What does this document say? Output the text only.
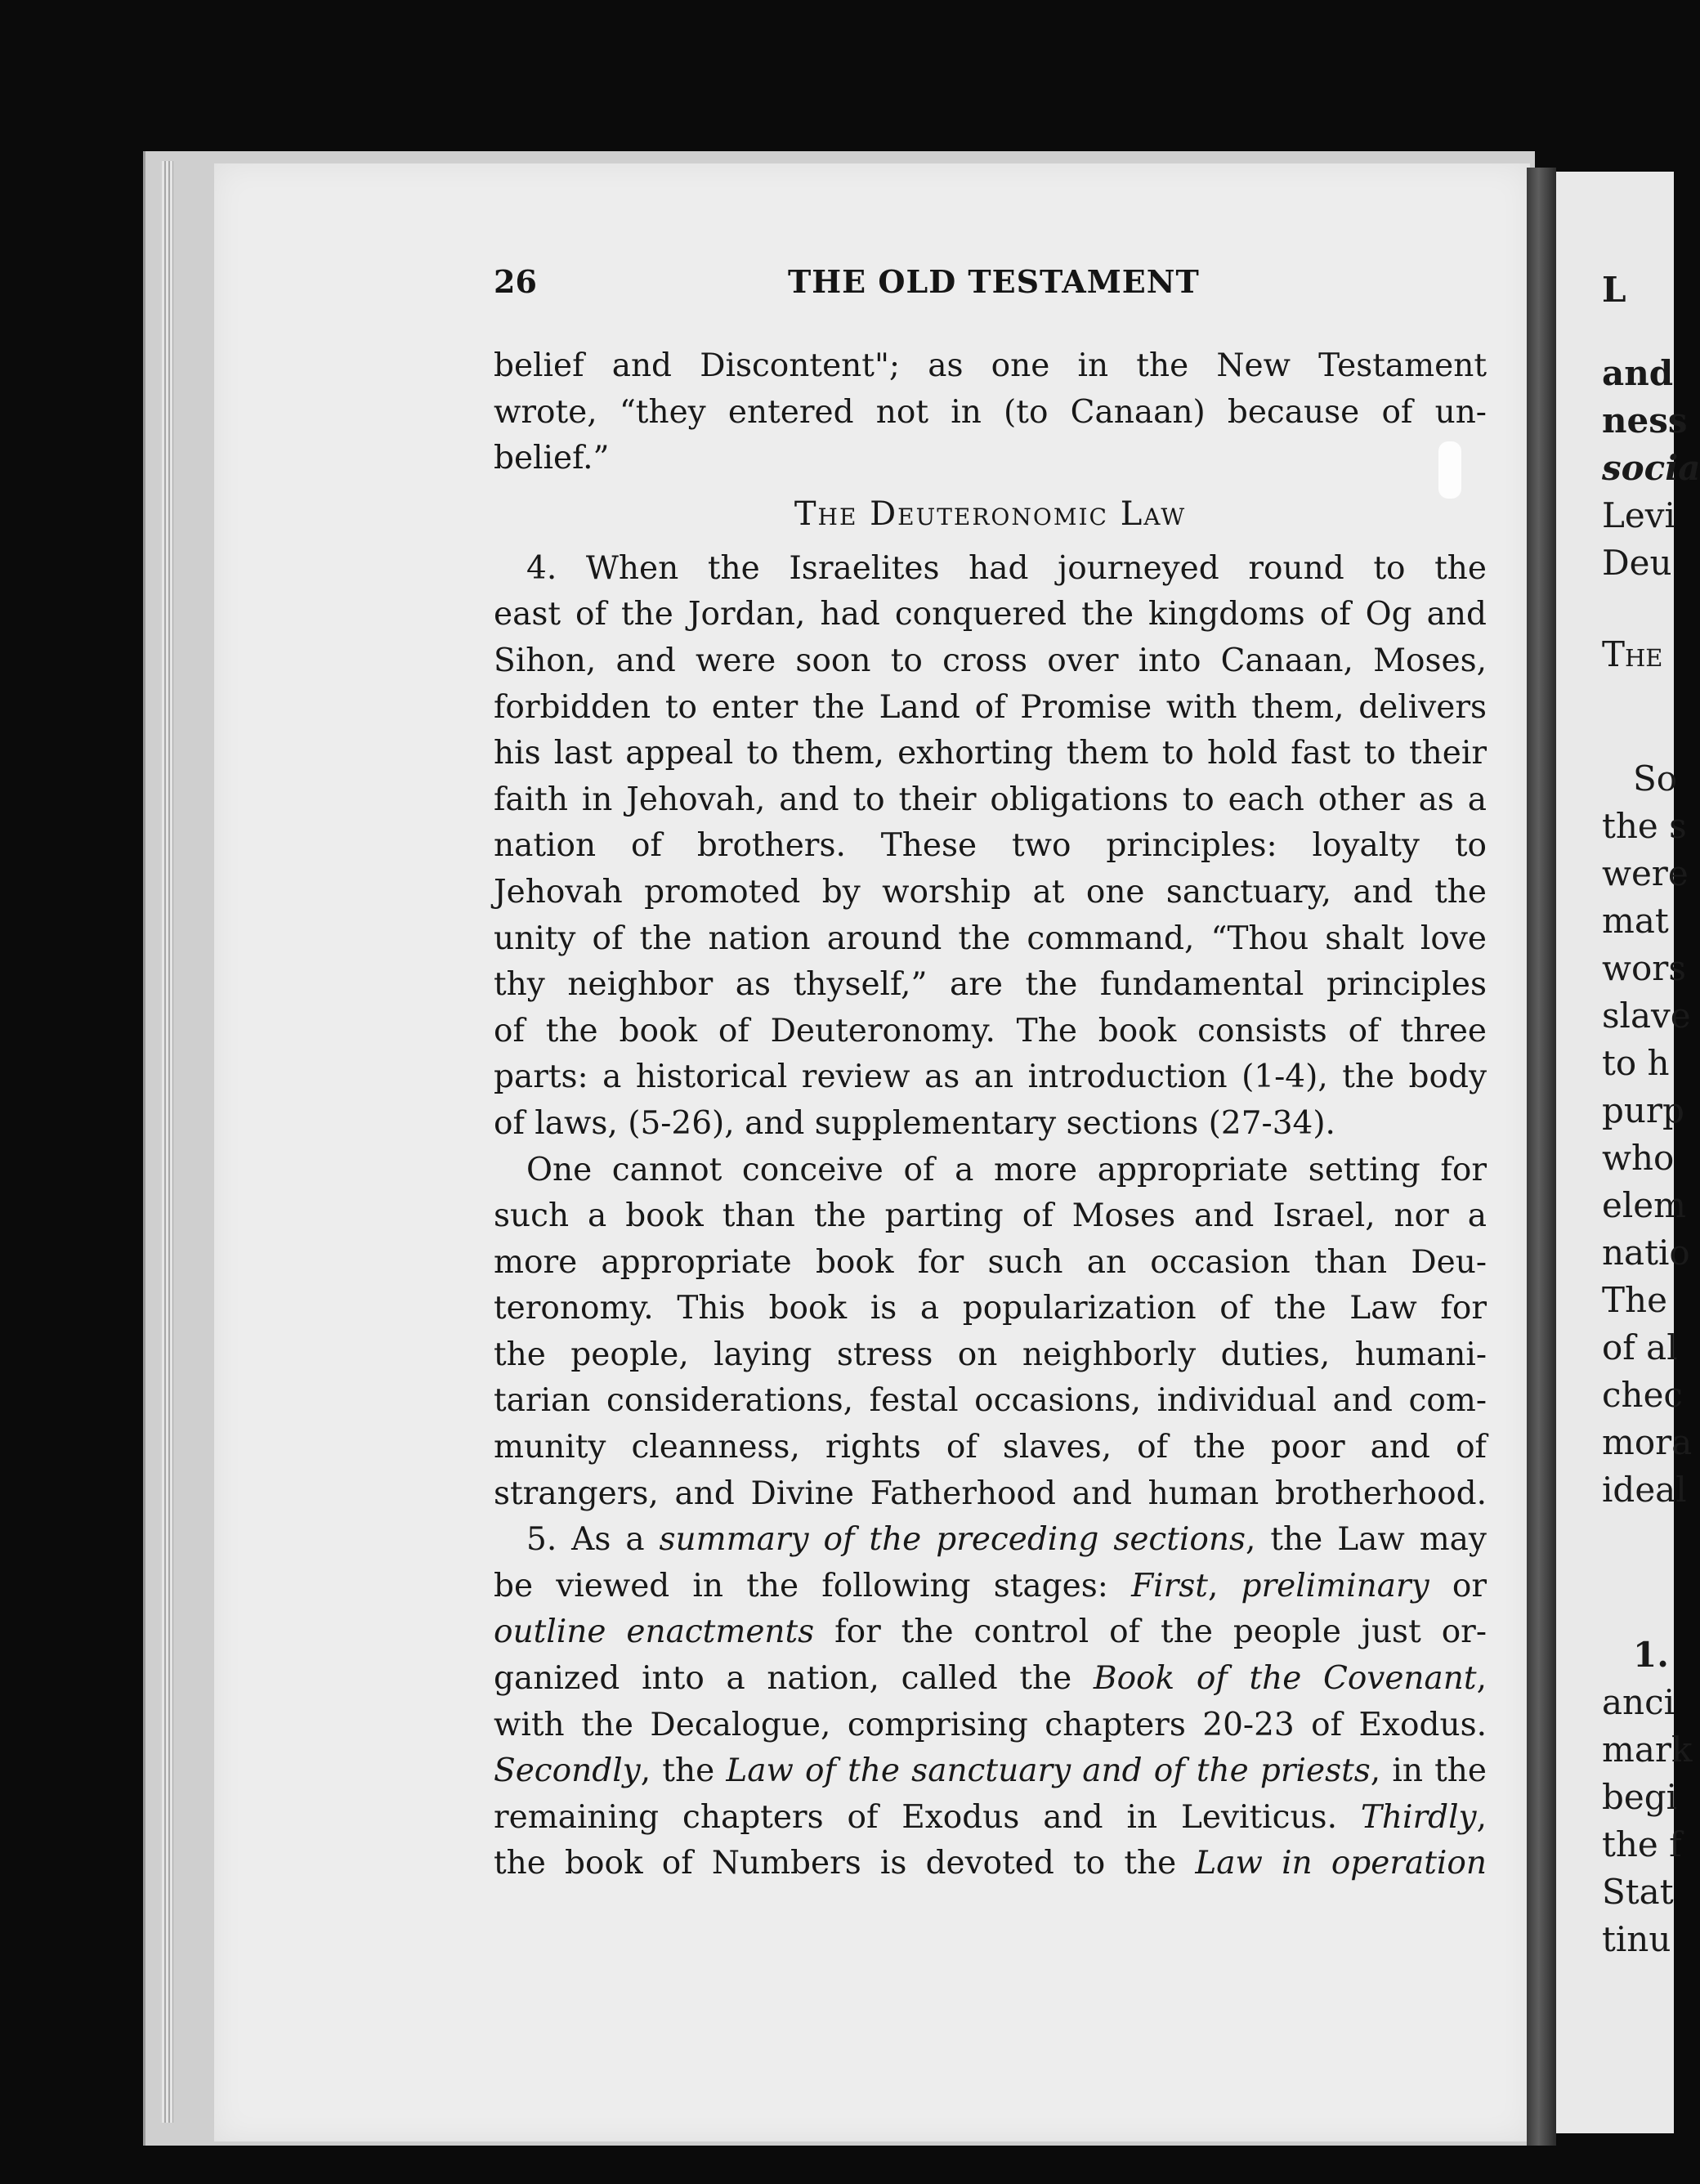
L
and
ness
socia
Levi
Deu
The
So
the s
were
mat
wors
slave
to h
purp
who
elem
natio
The
of al
chec
mora
ideal
1.
anci
mark
begi
the f
Stat
tinu
26	THE OLD TESTAMENT
belief and Discontent"; as one in the New Testament
wrote, “they entered not in (to Canaan) because of un-
belief.”
The Deuteronomic Law
4. When the Israelites had journeyed round to the
east of the Jordan, had conquered the kingdoms of Og and
Sihon, and were soon to cross over into Canaan, Moses,
forbidden to enter the Land of Promise with them, delivers
his last appeal to them, exhorting them to hold fast to their
faith in Jehovah, and to their obligations to each other as a
nation of brothers. These two principles: loyalty to
Jehovah promoted by worship at one sanctuary, and the
unity of the nation around the command, “Thou shalt love
thy neighbor as thyself,” are the fundamental principles
of the book of Deuteronomy. The book consists of three
parts: a historical review as an introduction (1-4), the body
of laws, (5-26), and supplementary sections (27-34).
One cannot conceive of a more appropriate setting for
such a book than the parting of Moses and Israel, nor a
more appropriate book for such an occasion than Deu-
teronomy. This book is a popularization of the Law for
the people, laying stress on neighborly duties, humani-
tarian considerations, festal occasions, individual and com-
munity cleanness, rights of slaves, of the poor and of
strangers, and Divine Fatherhood and human brotherhood.
5. As a summary of the preceding sections, the Law may
be viewed in the following stages: First, preliminary or
outline enactments for the control of the people just or-
ganized into a nation, called the Book of the Covenant,
with the Decalogue, comprising chapters 20-23 of Exodus.
Secondly, the Law of the sanctuary and of the priests, in the
remaining chapters of Exodus and in Leviticus. Thirdly,
the book of Numbers is devoted to the Law in operation
